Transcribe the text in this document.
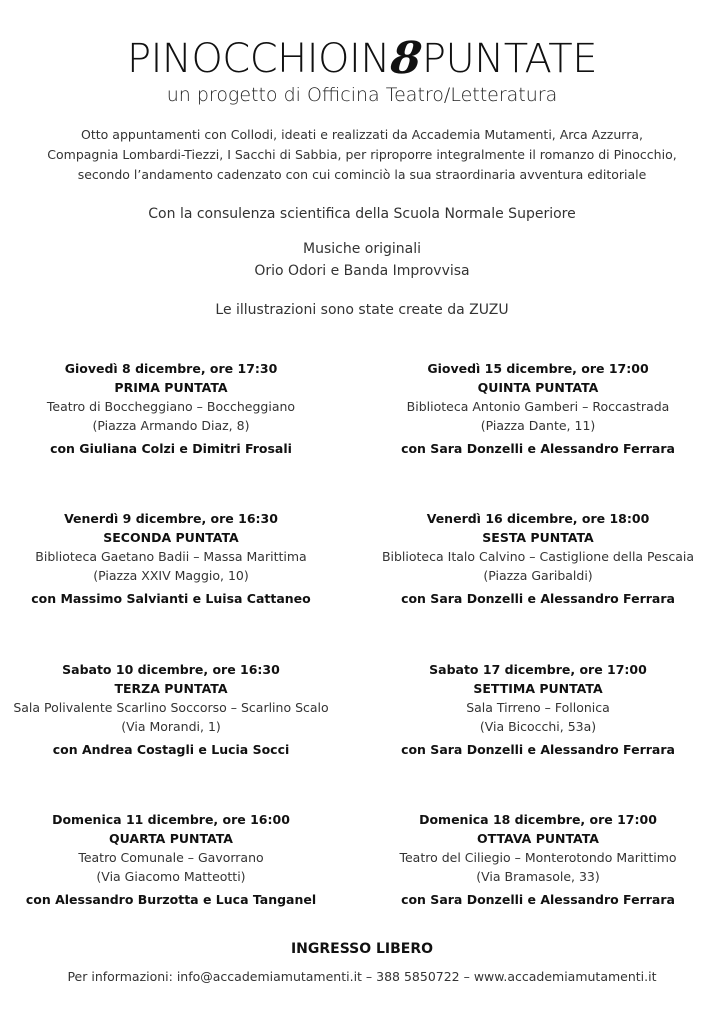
PINOCCHIOIN
8
PUNTATE
un progetto di Officina Teatro/Letteratura
Otto appuntamenti con Collodi, ideati e realizzati da Accademia Mutamenti, Arca Azzurra,
Compagnia Lombardi-Tiezzi, I Sacchi di Sabbia, per riproporre integralmente il romanzo di Pinocchio,
secondo l’andamento cadenzato con cui cominciò la sua straordinaria avventura editoriale
Con la consulenza scientifica della Scuola Normale Superiore
Musiche originali
Orio Odori e Banda Improvvisa
Le illustrazioni sono state create da ZUZU
Giovedì 8 dicembre, ore 17:30
PRIMA PUNTATA
Teatro di Boccheggiano – Boccheggiano
(Piazza Armando Diaz, 8)
con Giuliana Colzi e Dimitri Frosali
Venerdì 9 dicembre, ore 16:30
SECONDA PUNTATA
Biblioteca Gaetano Badii – Massa Marittima
(Piazza XXIV Maggio, 10)
con Massimo Salvianti e Luisa Cattaneo
Sabato 10 dicembre, ore 16:30
TERZA PUNTATA
Sala Polivalente Scarlino Soccorso – Scarlino Scalo
(Via Morandi, 1)
con Andrea Costagli e Lucia Socci
Domenica 11 dicembre, ore 16:00
QUARTA PUNTATA
Teatro Comunale – Gavorrano
(Via Giacomo Matteotti)
con Alessandro Burzotta e Luca Tanganel
Giovedì 15 dicembre, ore 17:00
QUINTA PUNTATA
Biblioteca Antonio Gamberi – Roccastrada
(Piazza Dante, 11)
con Sara Donzelli e Alessandro Ferrara
Venerdì 16 dicembre, ore 18:00
SESTA PUNTATA
Biblioteca Italo Calvino – Castiglione della Pescaia
(Piazza Garibaldi)
con Sara Donzelli e Alessandro Ferrara
Sabato 17 dicembre, ore 17:00
SETTIMA PUNTATA
Sala Tirreno – Follonica
(Via Bicocchi, 53a)
con Sara Donzelli e Alessandro Ferrara
Domenica 18 dicembre, ore 17:00
OTTAVA PUNTATA
Teatro del Ciliegio – Monterotondo Marittimo
(Via Bramasole, 33)
con Sara Donzelli e Alessandro Ferrara
INGRESSO LIBERO
Per informazioni: info@accademiamutamenti.it – 388 5850722 – www.accademiamutamenti.it
